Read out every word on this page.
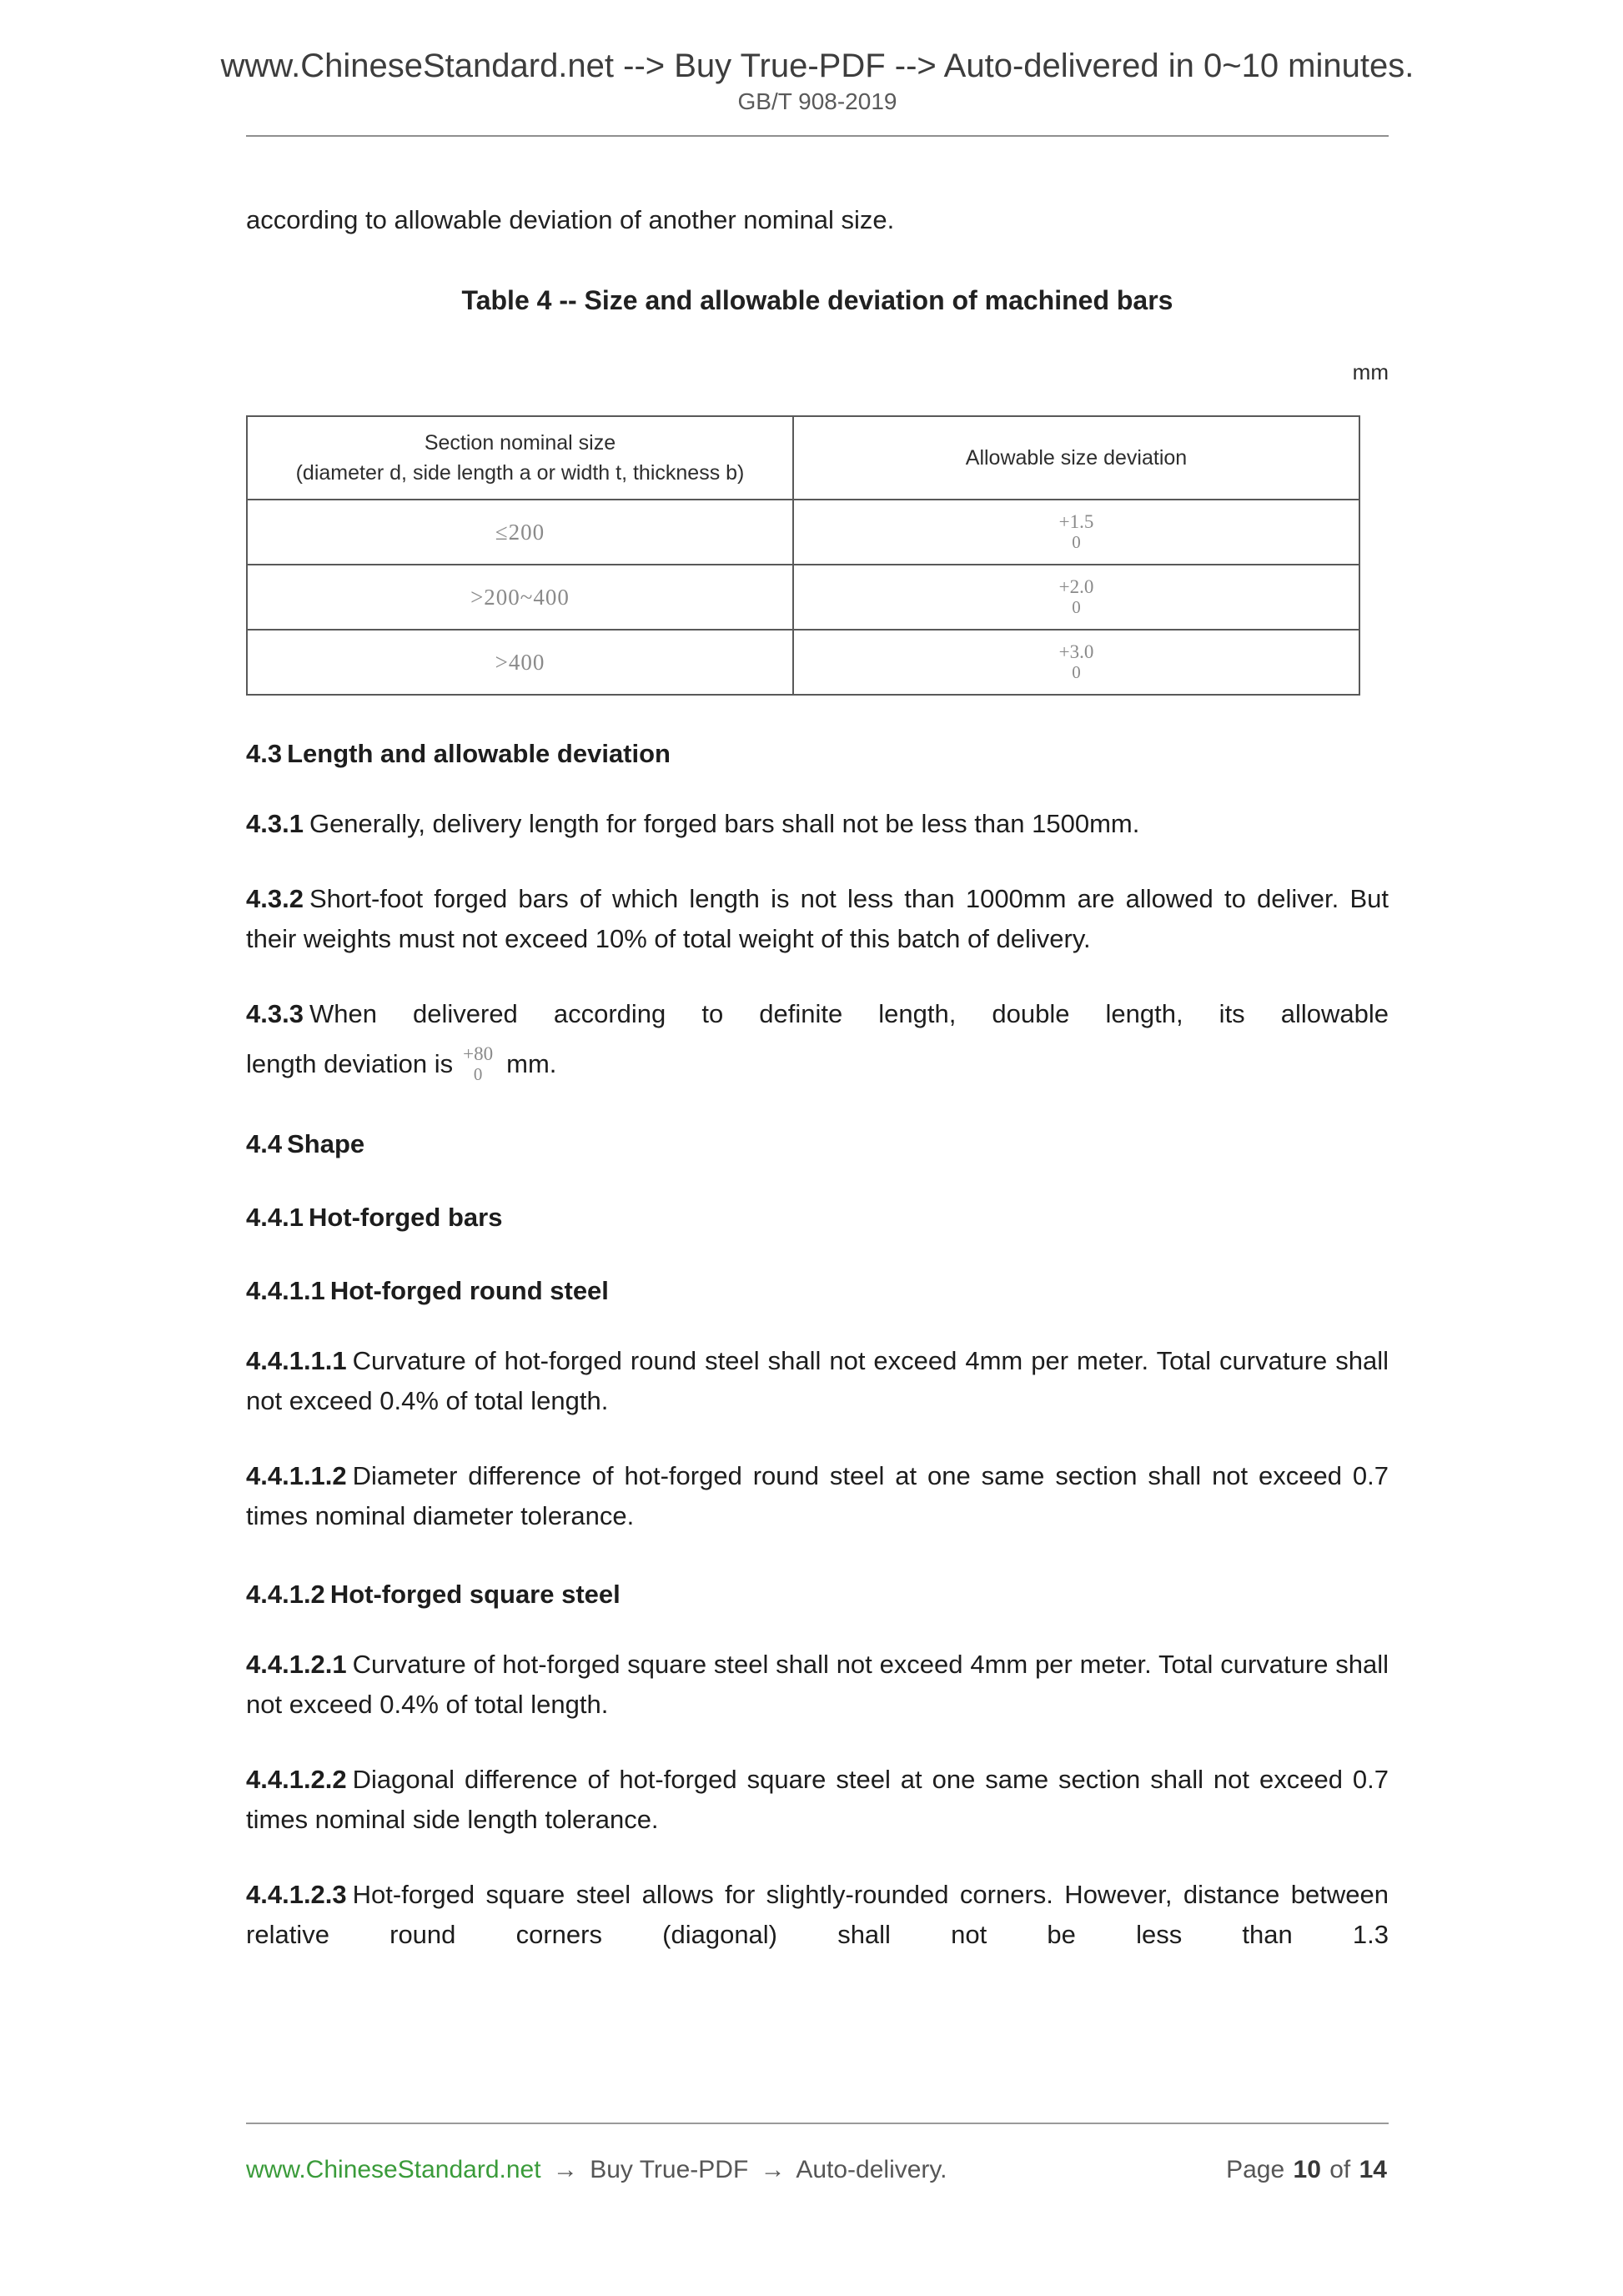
www.ChineseStandard.net --> Buy True-PDF --> Auto-delivered in 0~10 minutes.
GB/T 908-2019

according to allowable deviation of another nominal size.

Table 4 -- Size and allowable deviation of machined bars
mm
Section nominal size
(diameter d, side length a or width t, thickness b)	Allowable size deviation
≤200	+1.5
0

>200~400	+2.0
0

>400	+3.0
0
4.3 Length and allowable deviation

4.3.1 Generally, delivery length for forged bars shall not be less than 1500mm.

4.3.2 Short-foot forged bars of which length is not less than 1000mm are allowed to deliver. But their weights must not exceed 10% of total weight of this batch of delivery.

4.3.3 When delivered according to definite length, double length, its allowable

length deviation is +80
0 mm.

4.4 Shape
4.4.1 Hot-forged bars
4.4.1.1 Hot-forged round steel

4.4.1.1.1 Curvature of hot-forged round steel shall not exceed 4mm per meter. Total curvature shall not exceed 0.4% of total length.

4.4.1.1.2 Diameter difference of hot-forged round steel at one same section shall not exceed 0.7 times nominal diameter tolerance.

4.4.1.2 Hot-forged square steel

4.4.1.2.1 Curvature of hot-forged square steel shall not exceed 4mm per meter. Total curvature shall not exceed 0.4% of total length.

4.4.1.2.2 Diagonal difference of hot-forged square steel at one same section shall not exceed 0.7 times nominal side length tolerance.

4.4.1.2.3 Hot-forged square steel allows for slightly-rounded corners. However, distance between relative round corners (diagonal) shall not be less than 1.3

www.ChineseStandard.net → Buy True-PDF → Auto-delivery.	Page 10 of 14
